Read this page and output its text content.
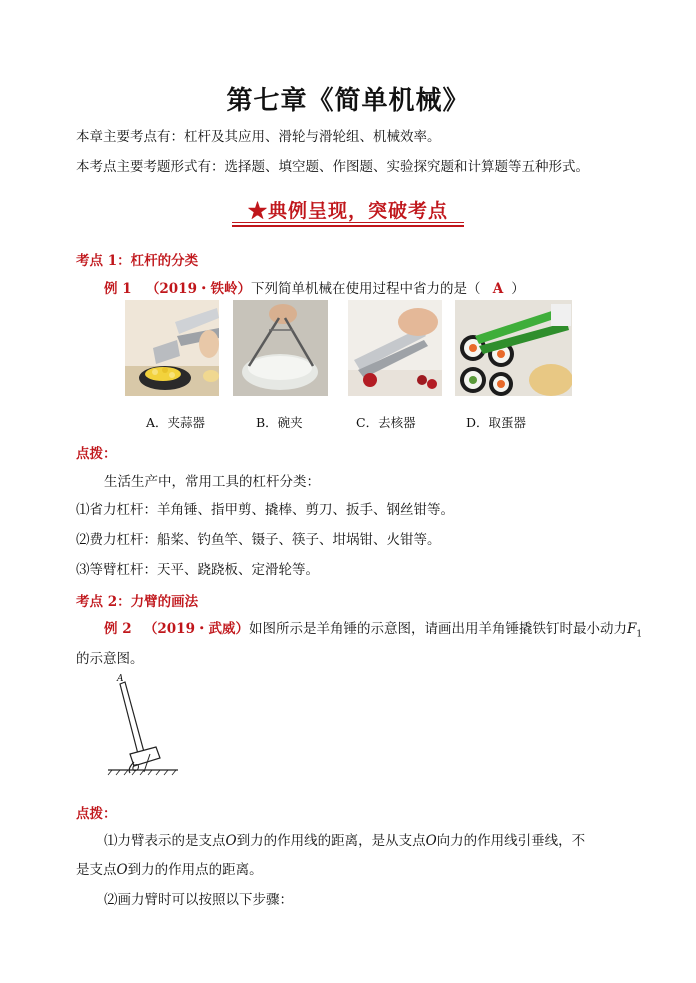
第七章《简单机械》
本章主要考点有：杠杆及其应用、滑轮与滑轮组、机械效率。
本考点主要考题形式有：选择题、填空题、作图题、实验探究题和计算题等五种形式。
★典例呈现，突破考点
考点 1：杠杆的分类
例 1 （2019・铁岭）下列简单机械在使用过程中省力的是（ A ）
A．夹蒜器	B．碗夹	C．去核器	D．取蛋器
点拨：
生活生产中，常用工具的杠杆分类：
⑴省力杠杆：羊角锤、指甲剪、撬棒、剪刀、扳手、钢丝钳等。
⑵费力杠杆：船桨、钓鱼竿、镊子、筷子、坩埚钳、火钳等。
⑶等臂杠杆：天平、跷跷板、定滑轮等。
考点 2：力臂的画法
例 2 （2019・武威）如图所示是羊角锤的示意图，请画出用羊角锤撬铁钉时最小动力$F_1$
的示意图。
A
O
点拨：
⑴力臂表示的是支点O到力的作用线的距离，是从支点O向力的作用线引垂线，不
是支点O到力的作用点的距离。
⑵画力臂时可以按照以下步骤：
